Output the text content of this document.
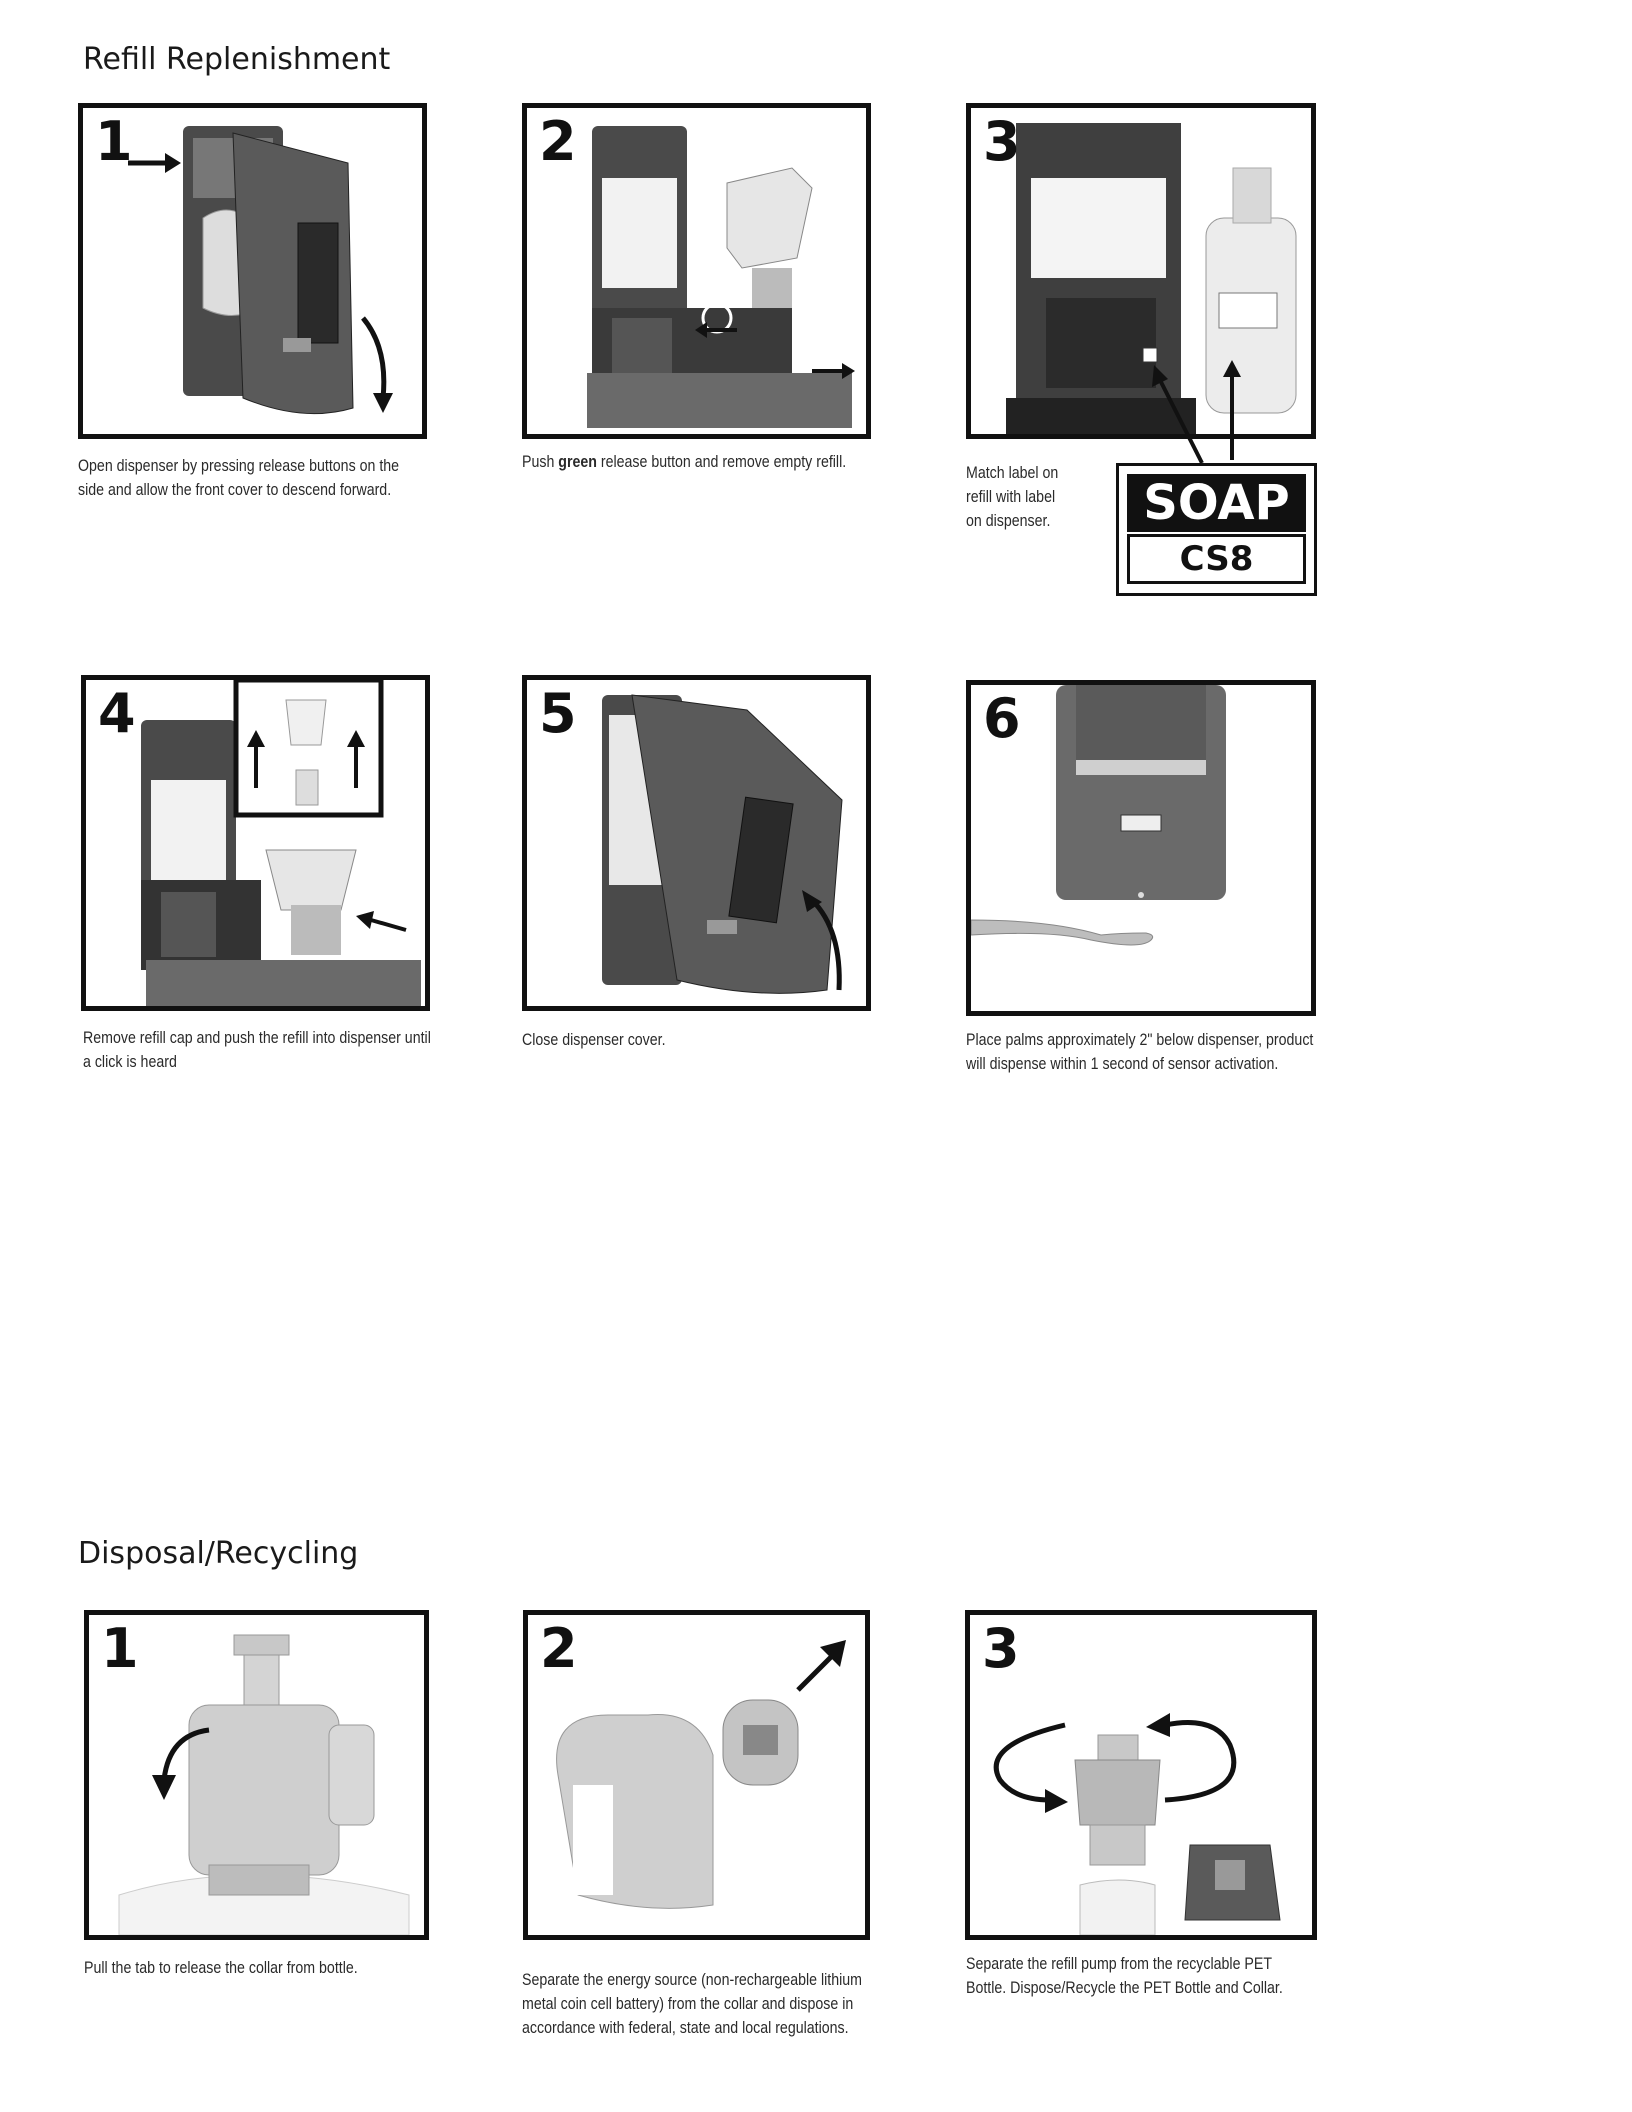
Refill Replenishment
1
Open dispenser by pressing release buttons on the
side and allow the front cover to descend forward.
2
Push green release button and remove empty refill.
3
SOAP
CS8
Match label on
refill with label
on dispenser.
4
Remove refill cap and push the refill into dispenser until
a click is heard
5
Close dispenser cover.
6
Place palms approximately 2" below dispenser, product
will dispense within 1 second of sensor activation.
Disposal/Recycling
1
Pull the tab to release the collar from bottle.
2
Separate the energy source (non-rechargeable lithium
metal coin cell battery) from the collar and dispose in
accordance with federal, state and local regulations.
3
Separate the refill pump from the recyclable PET
Bottle. Dispose/Recycle the PET Bottle and Collar.
